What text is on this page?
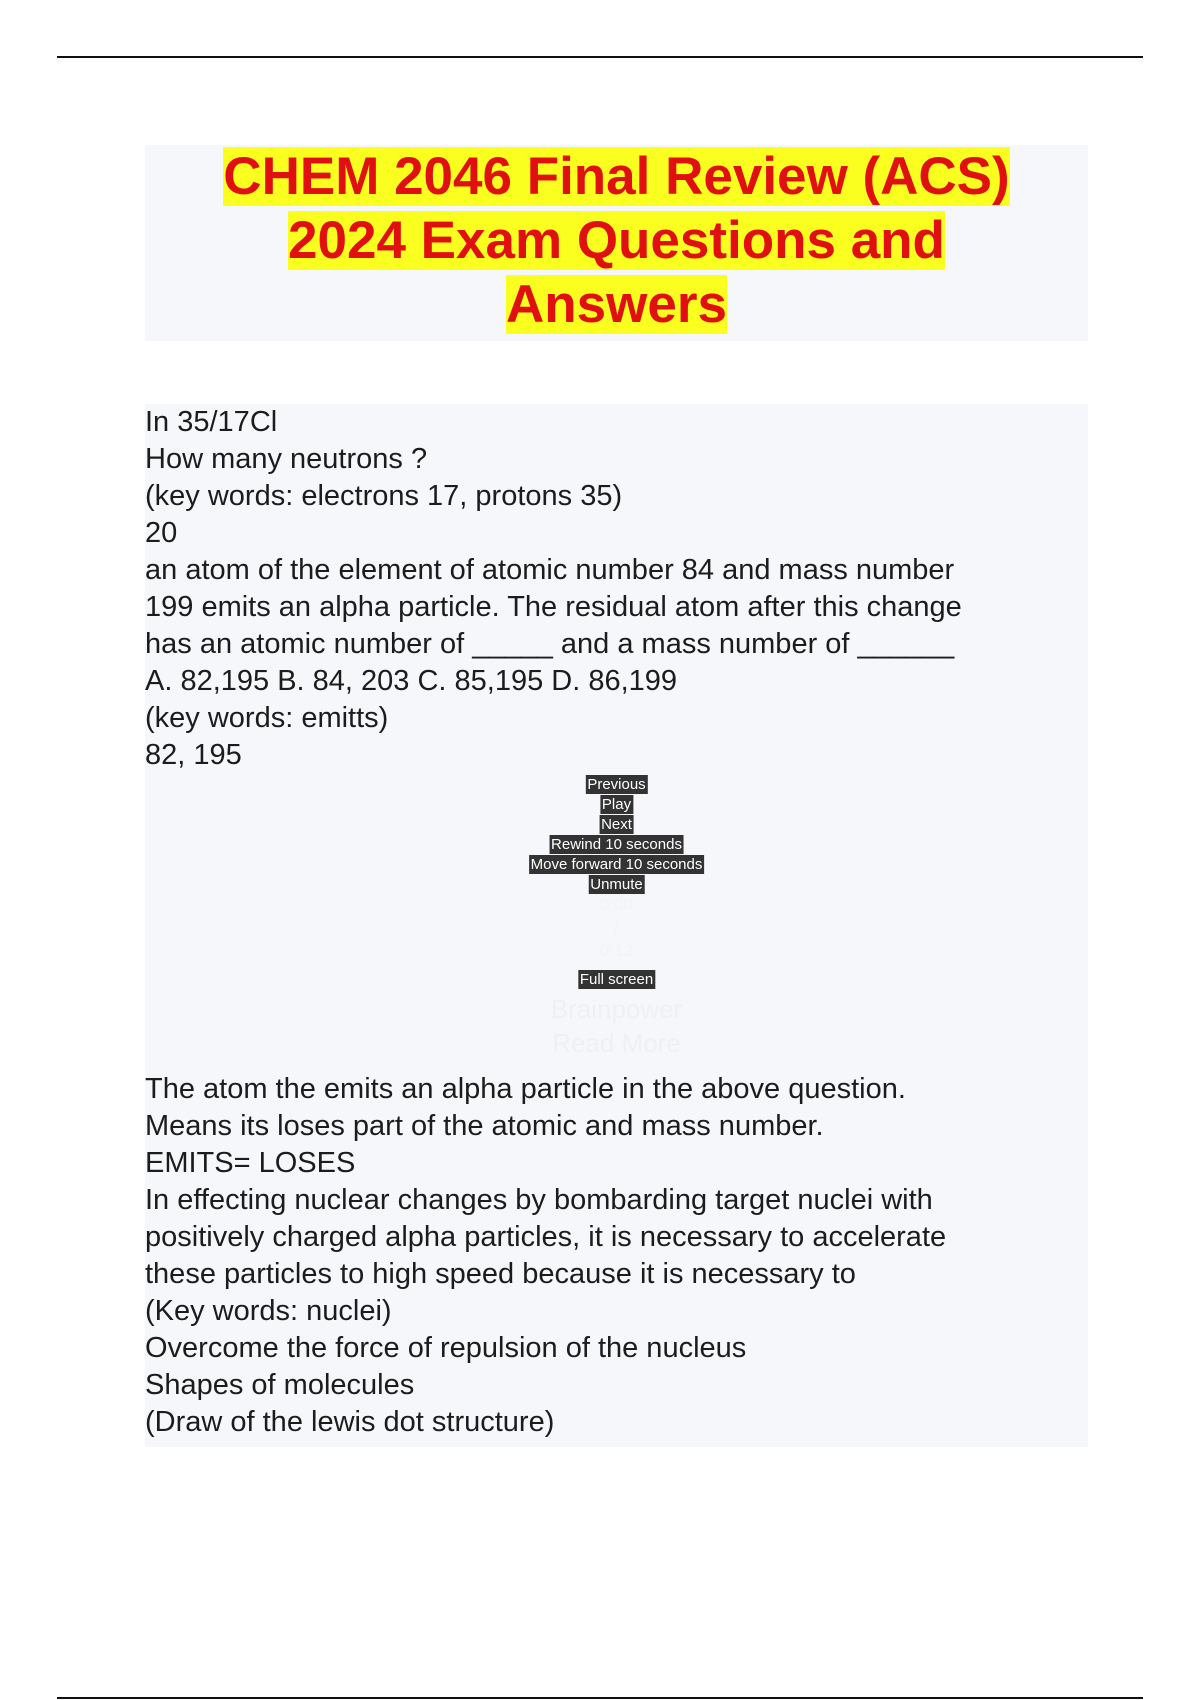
CHEM 2046 Final Review (ACS) 2024 Exam Questions and Answers
In 35/17Cl
How many neutrons ?
(key words: electrons 17, protons 35)
20
an atom of the element of atomic number 84 and mass number
199 emits an alpha particle. The residual atom after this change
has an atomic number of _____ and a mass number of ______
A. 82,195 B. 84, 203 C. 85,195 D. 86,199
(key words: emitts)
82, 195
Previous
Play
Next
Rewind 10 seconds
Move forward 10 seconds
Unmute
0:00
/
0:12
Full screen
Brainpower
Read More
The atom the emits an alpha particle in the above question.
Means its loses part of the atomic and mass number.
EMITS= LOSES
In effecting nuclear changes by bombarding target nuclei with
positively charged alpha particles, it is necessary to accelerate
these particles to high speed because it is necessary to
(Key words: nuclei)
Overcome the force of repulsion of the nucleus
Shapes of molecules
(Draw of the lewis dot structure)
